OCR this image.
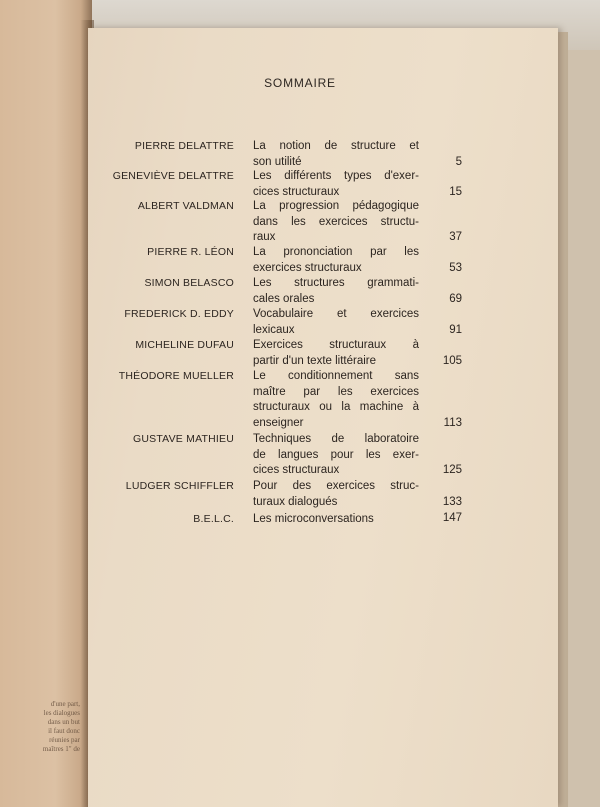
d'une part,
les dialogues
dans un but
il faut donc
réunies par
maîtres 1" de
SOMMAIRE
PIERRE DELATTRE La notion de structure et
son utilité	5
GENEVIÈVE DELATTRE Les différents types d'exer-
cices structuraux	15
ALBERT VALDMAN La progression pédagogique
dans les exercices structu-
raux	37
PIERRE R. LÉON La prononciation par les
exercices structuraux	53
SIMON BELASCO Les structures grammati-
cales orales	69
FREDERICK D. EDDY Vocabulaire et exercices
lexicaux	91
MICHELINE DUFAU Exercices structuraux à
partir d'un texte littéraire	105
THÉODORE MUELLER Le conditionnement sans
maître par les exercices
structuraux ou la machine à
enseigner	113
GUSTAVE MATHIEU Techniques de laboratoire
de langues pour les exer-
cices structuraux	125
LUDGER SCHIFFLER Pour des exercices struc-
turaux dialogués	133
B.E.L.C. Les microconversations	147
